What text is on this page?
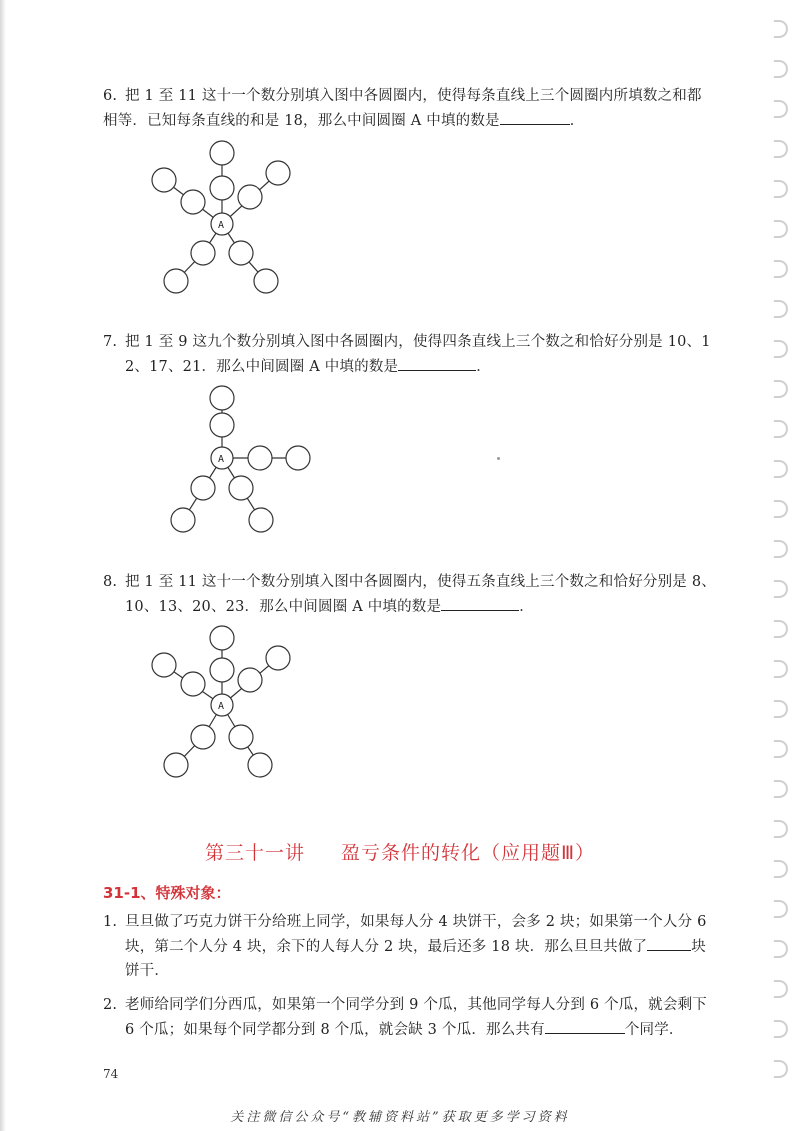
6. 把 1 至 11 这十一个数分别填入图中各圆圈内，使得每条直线上三个圆圈内所填数之和都
相等．已知每条直线的和是 18，那么中间圆圈 A 中填的数是	．
A
7. 把 1 至 9 这九个数分别填入图中各圆圈内，使得四条直线上三个数之和恰好分别是 10、1
2、17、21．那么中间圆圈 A 中填的数是	．
A
8. 把 1 至 11 这十一个数分别填入图中各圆圈内，使得五条直线上三个数之和恰好分别是 8、
10、13、20、23．那么中间圆圈 A 中填的数是	．
A
第三十一讲 盈亏条件的转化（应用题Ⅲ）
31-1、特殊对象：
1. 旦旦做了巧克力饼干分给班上同学，如果每人分 4 块饼干，会多 2 块；如果第一个人分 6
块，第二个人分 4 块，余下的人每人分 2 块，最后还多 18 块．那么旦旦共做了	块
饼干．
2. 老师给同学们分西瓜，如果第一个同学分到 9 个瓜，其他同学每人分到 6 个瓜，就会剩下
6 个瓜；如果每个同学都分到 8 个瓜，就会缺 3 个瓜．那么共有	个同学．
74
关注微信公众号“教辅资料站”获取更多学习资料
